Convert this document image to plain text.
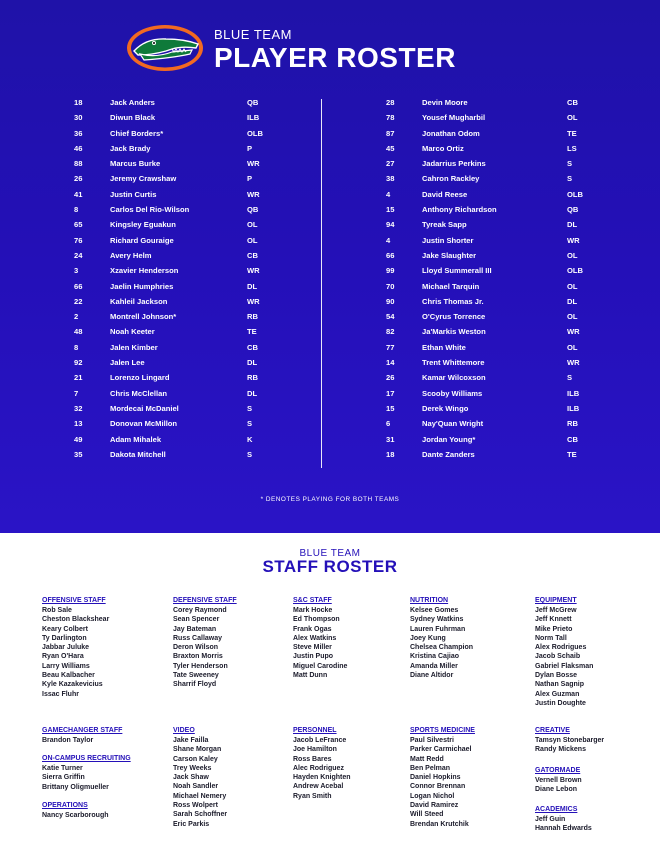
BLUE TEAM
PLAYER ROSTER
18	Jack Anders	QB
30	Diwun Black	ILB
36	Chief Borders*	OLB
46	Jack Brady	P
88	Marcus Burke	WR
26	Jeremy Crawshaw	P
41	Justin Curtis	WR
8	Carlos Del Rio-Wilson	QB
65	Kingsley Eguakun	OL
76	Richard Gouraige	OL
24	Avery Helm	CB
3	Xzavier Henderson	WR
66	Jaelin Humphries	DL
22	Kahleil Jackson	WR
2	Montrell Johnson*	RB
48	Noah Keeter	TE
8	Jalen Kimber	CB
92	Jalen Lee	DL
21	Lorenzo Lingard	RB
7	Chris McClellan	DL
32	Mordecai McDaniel	S
13	Donovan McMillon	S
49	Adam Mihalek	K
35	Dakota Mitchell	S
28	Devin Moore	CB
78	Yousef Mugharbil	OL
87	Jonathan Odom	TE
45	Marco Ortiz	LS
27	Jadarrius Perkins	S
38	Cahron Rackley	S
4	David Reese	OLB
15	Anthony Richardson	QB
94	Tyreak Sapp	DL
4	Justin Shorter	WR
66	Jake Slaughter	OL
99	Lloyd Summerall III	OLB
70	Michael Tarquin	OL
90	Chris Thomas Jr.	DL
54	O'Cyrus Torrence	OL
82	Ja'Markis Weston	WR
77	Ethan White	OL
14	Trent Whittemore	WR
26	Kamar Wilcoxson	S
17	Scooby Williams	ILB
15	Derek Wingo	ILB
6	Nay'Quan Wright	RB
31	Jordan Young*	CB
18	Dante Zanders	TE
* DENOTES PLAYING FOR BOTH TEAMS
BLUE TEAM
STAFF ROSTER
OFFENSIVE STAFF
Rob Sale
Cheston Blackshear
Keary Colbert
Ty Darlington
Jabbar Juluke
Ryan O'Hara
Larry Williams
Beau Kalbacher
Kyle Kazakevicius
Issac Fluhr
DEFENSIVE STAFF
Corey Raymond
Sean Spencer
Jay Bateman
Russ Callaway
Deron Wilson
Braxton Morris
Tyler Henderson
Tate Sweeney
Sharrif Floyd
S&C STAFF
Mark Hocke
Ed Thompson
Frank Ogas
Alex Watkins
Steve Miller
Justin Pupo
Miguel Carodine
Matt Dunn
NUTRITION
Kelsee Gomes
Sydney Watkins
Lauren Fuhrman
Joey Kung
Chelsea Champion
Kristina Cajiao
Amanda Miller
Diane Altidor
EQUIPMENT
Jeff McGrew
Jeff Knnett
Mike Prieto
Norm Tall
Alex Rodrigues
Jacob Schaib
Gabriel Flaksman
Dylan Bosse
Nathan Sagnip
Alex Guzman
Justin Doughte
GAMECHANGER STAFF
Brandon Taylor
ON-CAMPUS RECRUITING
Katie Turner
Sierra Griffin
Brittany Oligmueller
OPERATIONS
Nancy Scarborough
VIDEO
Jake Failla
Shane Morgan
Carson Kaley
Trey Weeks
Jack Shaw
Noah Sandler
Michael Nemery
Ross Wolpert
Sarah Schoffner
Eric Parkis
PERSONNEL
Jacob LeFrance
Joe Hamilton
Ross Bares
Alec Rodriguez
Hayden Knighten
Andrew Acebal
Ryan Smith
SPORTS MEDICINE
Paul Silvestri
Parker Carmichael
Matt Redd
Ben Pelman
Daniel Hopkins
Connor Brennan
Logan Nichol
David Ramirez
Will Steed
Brendan Krutchik
CREATIVE
Tamsyn Stonebarger
Randy Mickens
GATORMADE
Vernell Brown
Diane Lebon
ACADEMICS
Jeff Guin
Hannah Edwards
